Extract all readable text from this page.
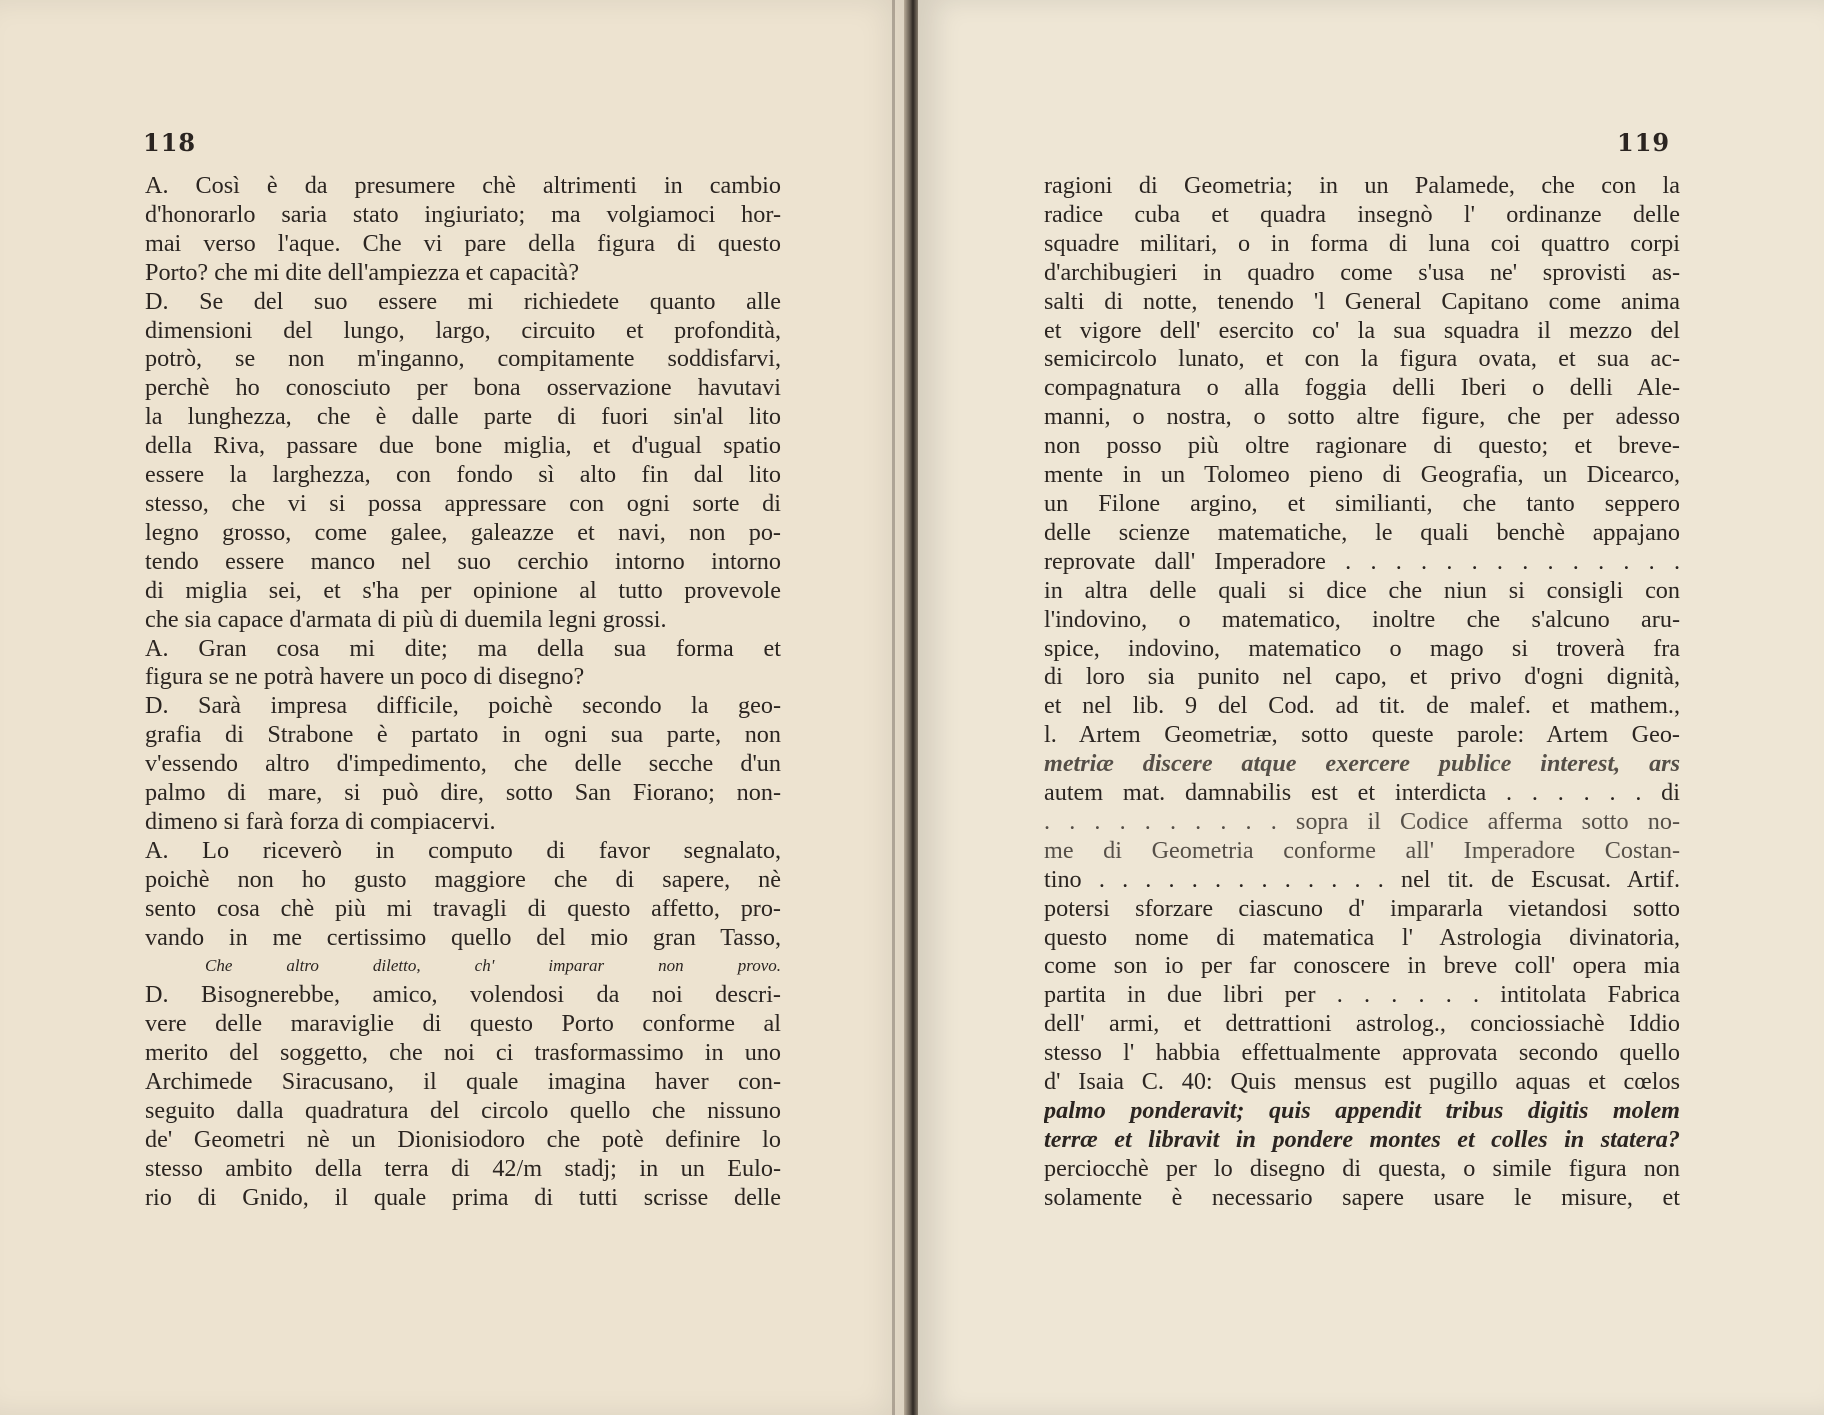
118
A. Così è da presumere chè altrimenti in cambio
d'honorarlo saria stato ingiuriato; ma volgiamoci hor-
mai verso l'aque. Che vi pare della figura di questo
Porto? che mi dite dell'ampiezza et capacità?
D. Se del suo essere mi richiedete quanto alle
dimensioni del lungo, largo, circuito et profondità,
potrò, se non m'inganno, compitamente soddisfarvi,
perchè ho conosciuto per bona osservazione havutavi
la lunghezza, che è dalle parte di fuori sin'al lito
della Riva, passare due bone miglia, et d'ugual spatio
essere la larghezza, con fondo sì alto fin dal lito
stesso, che vi si possa appressare con ogni sorte di
legno grosso, come galee, galeazze et navi, non po-
tendo essere manco nel suo cerchio intorno intorno
di miglia sei, et s'ha per opinione al tutto provevole
che sia capace d'armata di più di duemila legni grossi.
A. Gran cosa mi dite; ma della sua forma et
figura se ne potrà havere un poco di disegno?
D. Sarà impresa difficile, poichè secondo la geo-
grafia di Strabone è partato in ogni sua parte, non
v'essendo altro d'impedimento, che delle secche d'un
palmo di mare, si può dire, sotto San Fiorano; non-
dimeno si farà forza di compiacervi.
A. Lo riceverò in computo di favor segnalato,
poichè non ho gusto maggiore che di sapere, nè
sento cosa chè più mi travagli di questo affetto, pro-
vando in me certissimo quello del mio gran Tasso,
Che altro diletto, ch' imparar non provo.
D. Bisognerebbe, amico, volendosi da noi descri-
vere delle maraviglie di questo Porto conforme al
merito del soggetto, che noi ci trasformassimo in uno
Archimede Siracusano, il quale imagina haver con-
seguito dalla quadratura del circolo quello che nissuno
de' Geometri nè un Dionisiodoro che potè definire lo
stesso ambito della terra di 42/m stadj; in un Eulo-
rio di Gnido, il quale prima di tutti scrisse delle
119
ragioni di Geometria; in un Palamede, che con la
radice cuba et quadra insegnò l' ordinanze delle
squadre militari, o in forma di luna coi quattro corpi
d'archibugieri in quadro come s'usa ne' sprovisti as-
salti di notte, tenendo 'l General Capitano come anima
et vigore dell' esercito co' la sua squadra il mezzo del
semicircolo lunato, et con la figura ovata, et sua ac-
compagnatura o alla foggia delli Iberi o delli Ale-
manni, o nostra, o sotto altre figure, che per adesso
non posso più oltre ragionare di questo; et breve-
mente in un Tolomeo pieno di Geografia, un Dicearco,
un Filone argino, et similianti, che tanto seppero
delle scienze matematiche, le quali benchè appajano
reprovate dall' Imperadore . . . . . . . . . . . . . .
in altra delle quali si dice che niun si consigli con
l'indovino, o matematico, inoltre che s'alcuno aru-
spice, indovino, matematico o mago si troverà fra
di loro sia punito nel capo, et privo d'ogni dignità,
et nel lib. 9 del Cod. ad tit. de malef. et mathem.,
l. Artem Geometriæ, sotto queste parole: Artem Geo-
metriæ discere atque exercere publice interest, ars
autem mat. damnabilis est et interdicta . . . . . . di
. . . . . . . . . . sopra il Codice afferma sotto no-
me di Geometria conforme all' Imperadore Costan-
tino . . . . . . . . . . . . . nel tit. de Escusat. Artif.
potersi sforzare ciascuno d' impararla vietandosi sotto
questo nome di matematica l' Astrologia divinatoria,
come son io per far conoscere in breve coll' opera mia
partita in due libri per . . . . . . intitolata Fabrica
dell' armi, et dettrattioni astrolog., conciossiachè Iddio
stesso l' habbia effettualmente approvata secondo quello
d' Isaia C. 40: Quis mensus est pugillo aquas et cœlos
palmo ponderavit; quis appendit tribus digitis molem
terræ et libravit in pondere montes et colles in statera?
perciocchè per lo disegno di questa, o simile figura non
solamente è necessario sapere usare le misure, et
